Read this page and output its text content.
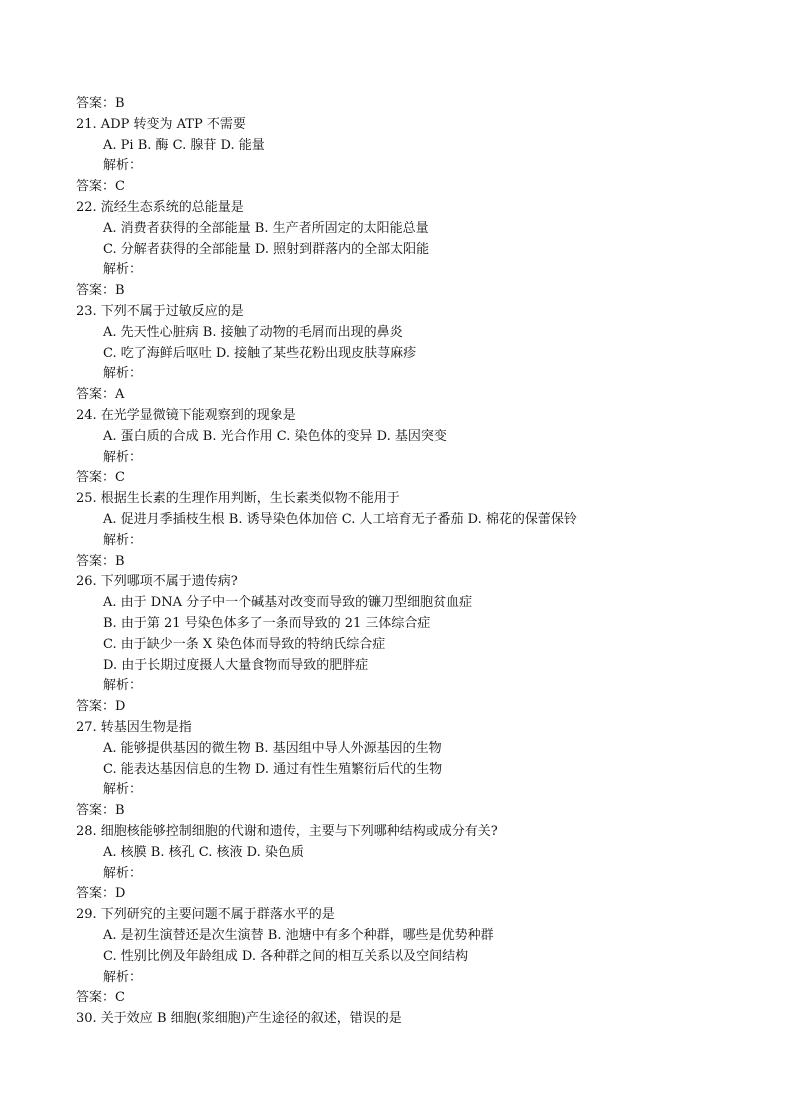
答案：B
21. ADP 转变为 ATP 不需要
A. Pi B. 酶 C. 腺苷 D. 能量
解析：
答案：C
22. 流经生态系统的总能量是
A. 消费者获得的全部能量 B. 生产者所固定的太阳能总量
C. 分解者获得的全部能量 D. 照射到群落内的全部太阳能
解析：
答案：B
23. 下列不属于过敏反应的是
A. 先天性心脏病 B. 接触了动物的毛屑而出现的鼻炎
C. 吃了海鲜后呕吐 D. 接触了某些花粉出现皮肤荨麻疹
解析：
答案：A
24. 在光学显微镜下能观察到的现象是
A. 蛋白质的合成 B. 光合作用 C. 染色体的变异 D. 基因突变
解析：
答案：C
25. 根据生长素的生理作用判断，生长素类似物不能用于
A. 促进月季插枝生根 B. 诱导染色体加倍 C. 人工培育无子番茄 D. 棉花的保蕾保铃
解析：
答案：B
26. 下列哪项不属于遗传病?
A. 由于 DNA 分子中一个碱基对改变而导致的镰刀型细胞贫血症
B. 由于第 21 号染色体多了一条而导致的 21 三体综合症
C. 由于缺少一条 X 染色体而导致的特纳氏综合症
D. 由于长期过度摄人大量食物而导致的肥胖症
解析：
答案：D
27. 转基因生物是指
A. 能够提供基因的微生物 B. 基因组中导人外源基因的生物
C. 能表达基因信息的生物 D. 通过有性生殖繁衍后代的生物
解析：
答案：B
28. 细胞核能够控制细胞的代谢和遗传，主要与下列哪种结构或成分有关?
A. 核膜 B. 核孔 C. 核液 D. 染色质
解析：
答案：D
29. 下列研究的主要问题不属于群落水平的是
A. 是初生演替还是次生演替 B. 池塘中有多个种群，哪些是优势种群
C. 性别比例及年龄组成 D. 各种群之间的相互关系以及空间结构
解析：
答案：C
30. 关于效应 B 细胞(浆细胞)产生途径的叙述，错误的是
